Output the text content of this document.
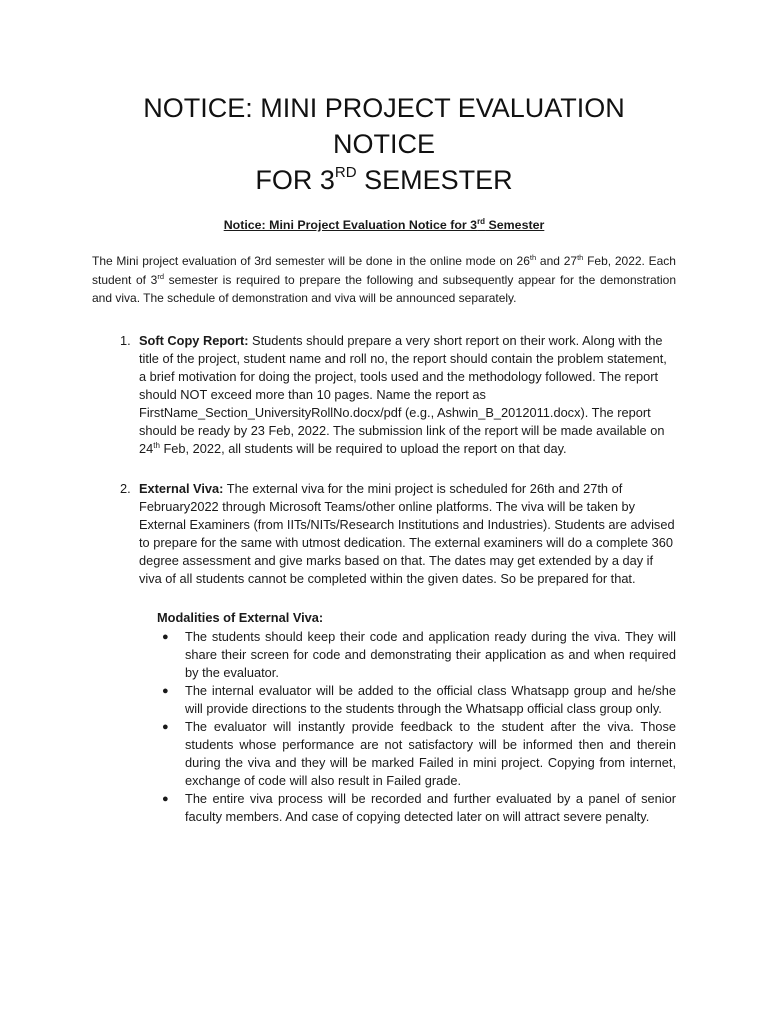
NOTICE: MINI PROJECT EVALUATION NOTICE
FOR 3RD SEMESTER

Notice: Mini Project Evaluation Notice for 3rd Semester

The Mini project evaluation of 3rd semester will be done in the online mode on 26th and 27th Feb, 2022. Each student of 3rd semester is required to prepare the following and subsequently appear for the demonstration and viva. The schedule of demonstration and viva will be announced separately.

1. Soft Copy Report: Students should prepare a very short report on their work. Along with the title of the project, student name and roll no, the report should contain the problem statement, a brief motivation for doing the project, tools used and the methodology followed. The report should NOT exceed more than 10 pages. Name the report as FirstName_Section_UniversityRollNo.docx/pdf (e.g., Ashwin_B_2012011.docx). The report should be ready by 23 Feb, 2022. The submission link of the report will be made available on 24th Feb, 2022, all students will be required to upload the report on that day.
2. External Viva: The external viva for the mini project is scheduled for 26th and 27th of February2022 through Microsoft Teams/other online platforms. The viva will be taken by External Examiners (from IITs/NITs/Research Institutions and Industries). Students are advised to prepare for the same with utmost dedication. The external examiners will do a complete 360 degree assessment and give marks based on that. The dates may get extended by a day if viva of all students cannot be completed within the given dates. So be prepared for that.
Modalities of External Viva:
● The students should keep their code and application ready during the viva. They will share their screen for code and demonstrating their application as and when required by the evaluator.
● The internal evaluator will be added to the official class Whatsapp group and he/she will provide directions to the students through the Whatsapp official class group only.
● The evaluator will instantly provide feedback to the student after the viva. Those students whose performance are not satisfactory will be informed then and therein during the viva and they will be marked Failed in mini project. Copying from internet, exchange of code will also result in Failed grade.
● The entire viva process will be recorded and further evaluated by a panel of senior faculty members. And case of copying detected later on will attract severe penalty.
